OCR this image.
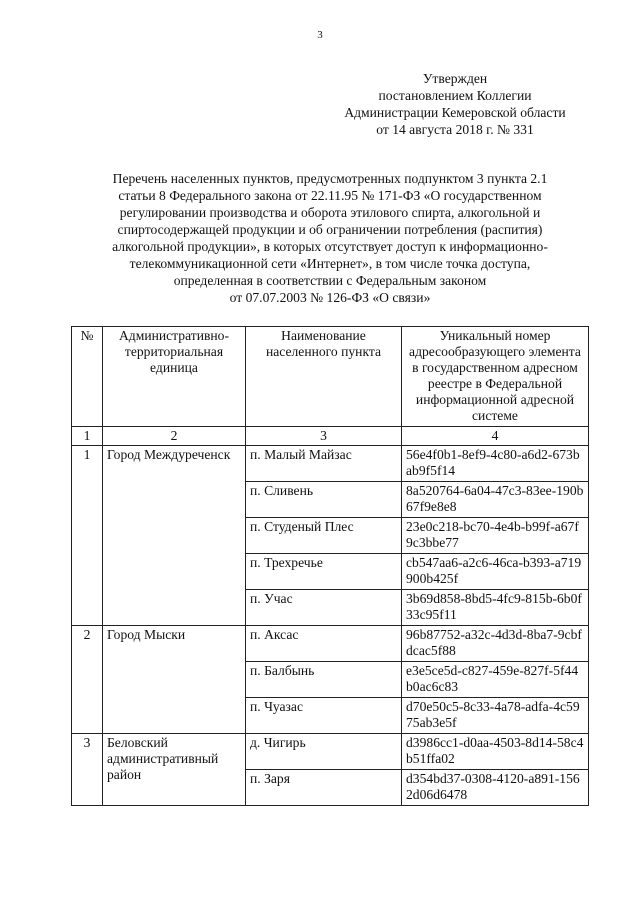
3
Утвержден
постановлением Коллегии
Администрации Кемеровской области
от 14 августа 2018 г. № 331
Перечень населенных пунктов, предусмотренных подпунктом 3 пункта 2.1
статьи 8 Федерального закона от 22.11.95 № 171-ФЗ «О государственном
регулировании производства и оборота этилового спирта, алкогольной и
спиртосодержащей продукции и об ограничении потребления (распития)
алкогольной продукции», в которых отсутствует доступ к информационно-
телекоммуникационной сети «Интернет», в том числе точка доступа,
определенная в соответствии с Федеральным законом
от 07.07.2003 № 126-ФЗ «О связи»
№	Административно-территориальная единица	Наименование населенного пункта	Уникальный номер адресообразующего элемента в государственном адресном реестре в Федеральной информационной адресной системе
1	2	3	4
1	Город Междуреченск	п. Малый Майзас	56e4f0b1-8ef9-4c80-a6d2-673bab9f5f14
		п. Сливень	8a520764-6a04-47c3-83ee-190b67f9e8e8
		п. Студеный Плес	23e0c218-bc70-4e4b-b99f-a67f9c3bbe77
		п. Трехречье	cb547aa6-a2c6-46ca-b393-a719900b425f
		п. Учас	3b69d858-8bd5-4fc9-815b-6b0f33c95f11
2	Город Мыски	п. Аксас	96b87752-a32c-4d3d-8ba7-9cbfdcac5f88
		п. Балбынь	e3e5ce5d-c827-459e-827f-5f44b0ac6c83
		п. Чуазас	d70e50c5-8c33-4a78-adfa-4c5975ab3e5f
3	Беловский административный район	д. Чигирь	d3986cc1-d0aa-4503-8d14-58c4b51ffa02
		п. Заря	d354bd37-0308-4120-a891-1562d06d6478
